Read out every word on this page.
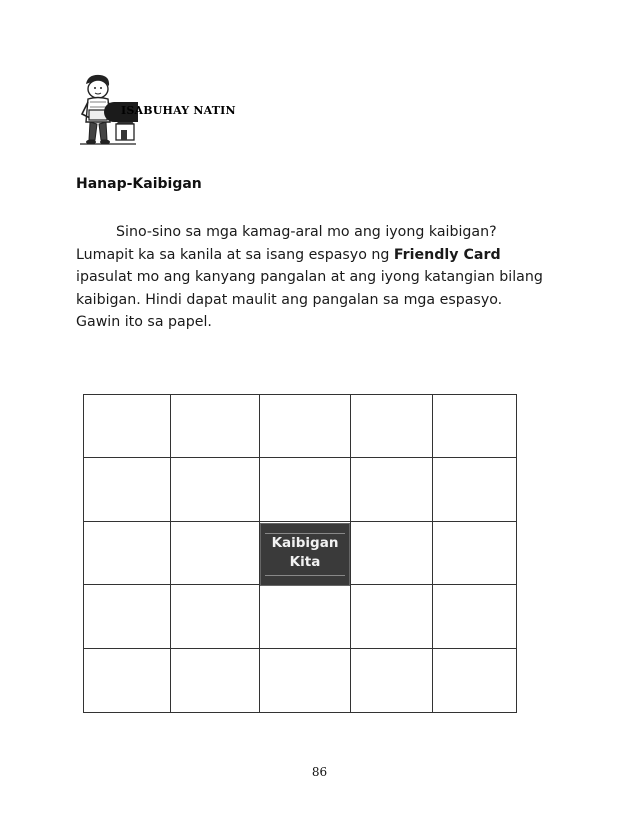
ISABUHAY NATIN
Hanap-Kaibigan

Sino-sino sa mga kamag-aral mo ang iyong kaibigan? Lumapit ka sa kanila at sa isang espasyo ng Friendly Card ipasulat mo ang kanyang pangalan at ang iyong katangian bilang kaibigan. Hindi dapat maulit ang pangalan sa mga espasyo. Gawin ito sa papel.

Kaibigan
Kita
86
